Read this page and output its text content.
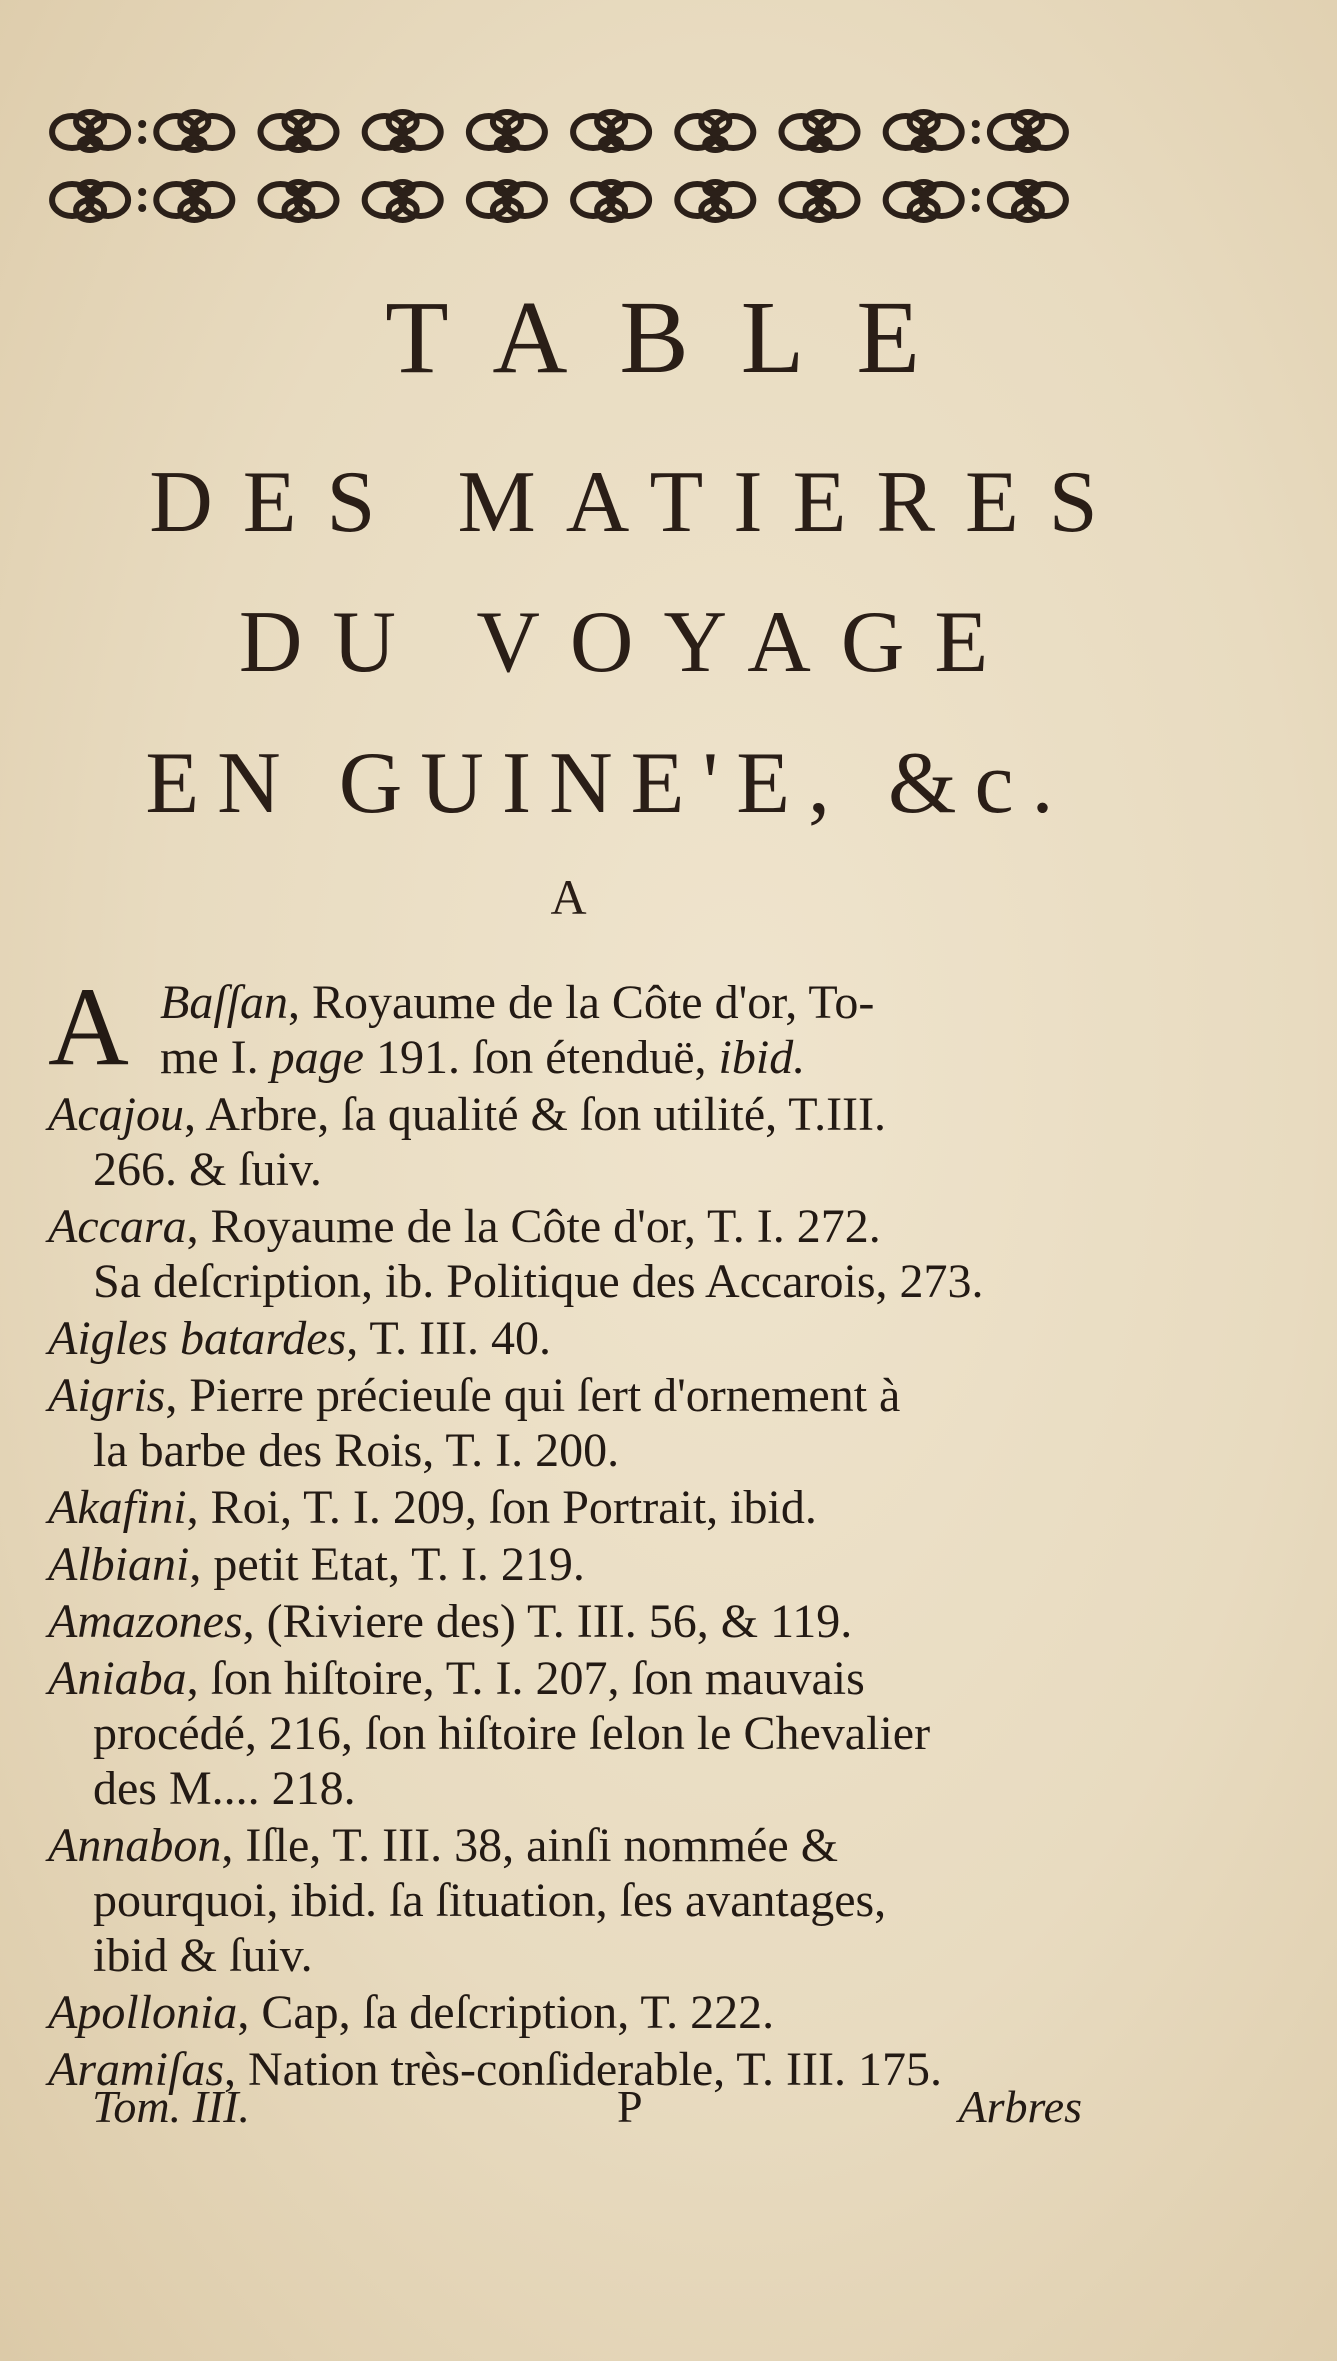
TABLE
DES MATIERES
DU VOYAGE
EN GUINE'E, &c.
A
A Baſſan, Royaume de la Côte d'or, To-
me I. page 191. ſon étenduë, ibid.
Acajou, Arbre, ſa qualité & ſon utilité, T.III.
266. & ſuiv.
Accara, Royaume de la Côte d'or, T. I. 272.
Sa deſcription, ib. Politique des Accarois, 273.
Aigles batardes, T. III. 40.
Aigris, Pierre précieuſe qui ſert d'ornement à
la barbe des Rois, T. I. 200.
Akafini, Roi, T. I. 209, ſon Portrait, ibid.
Albiani, petit Etat, T. I. 219.
Amazones, (Riviere des) T. III. 56, & 119.
Aniaba, ſon hiſtoire, T. I. 207, ſon mauvais
procédé, 216, ſon hiſtoire ſelon le Chevalier
des M.... 218.
Annabon, Iſle, T. III. 38, ainſi nommée &
pourquoi, ibid. ſa ſituation, ſes avantages,
ibid & ſuiv.
Apollonia, Cap, ſa deſcription, T. 222.
Aramiſas, Nation très-conſiderable, T. III. 175.
Tom. III.	P	Arbres
